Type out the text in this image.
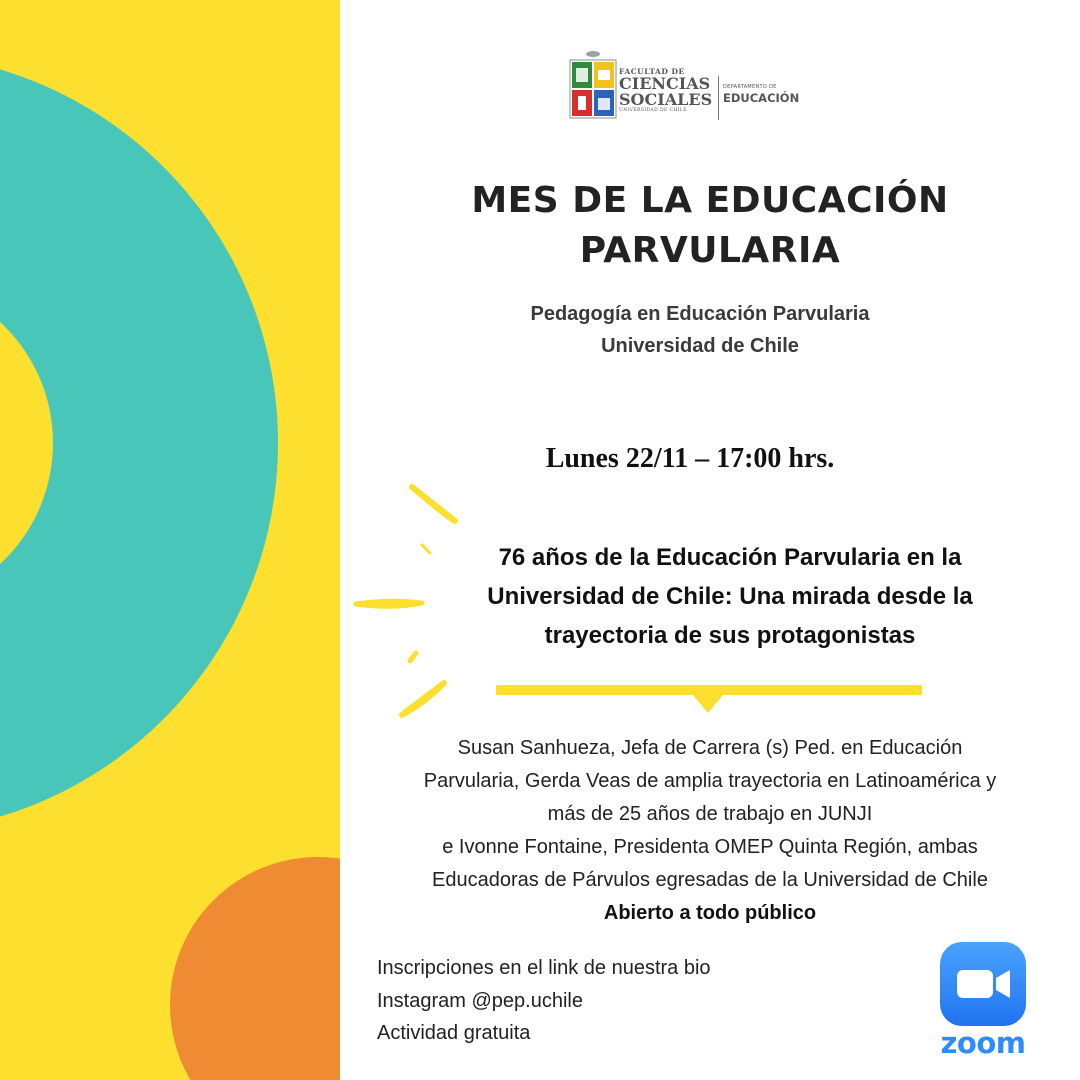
FACULTAD DE
CIENCIAS
SOCIALES
UNIVERSIDAD DE CHILE
DEPARTAMENTO DE
EDUCACIÓN
MES DE LA EDUCACIÓN
PARVULARIA
Pedagogía en Educación Parvularia
Universidad de Chile
Lunes 22/11 – 17:00 hrs.
76 años de la Educación Parvularia en la
Universidad de Chile: Una mirada desde la
trayectoria de sus protagonistas

Susan Sanhueza, Jefa de Carrera (s) Ped. en Educación

Parvularia, Gerda Veas de amplia trayectoria en Latinoamérica y

más de 25 años de trabajo en JUNJI

e Ivonne Fontaine, Presidenta OMEP Quinta Región, ambas

Educadoras de Párvulos egresadas de la Universidad de Chile

Abierto a todo público

Inscripciones en el link de nuestra bio

Instagram @pep.uchile

Actividad gratuita	zoom
